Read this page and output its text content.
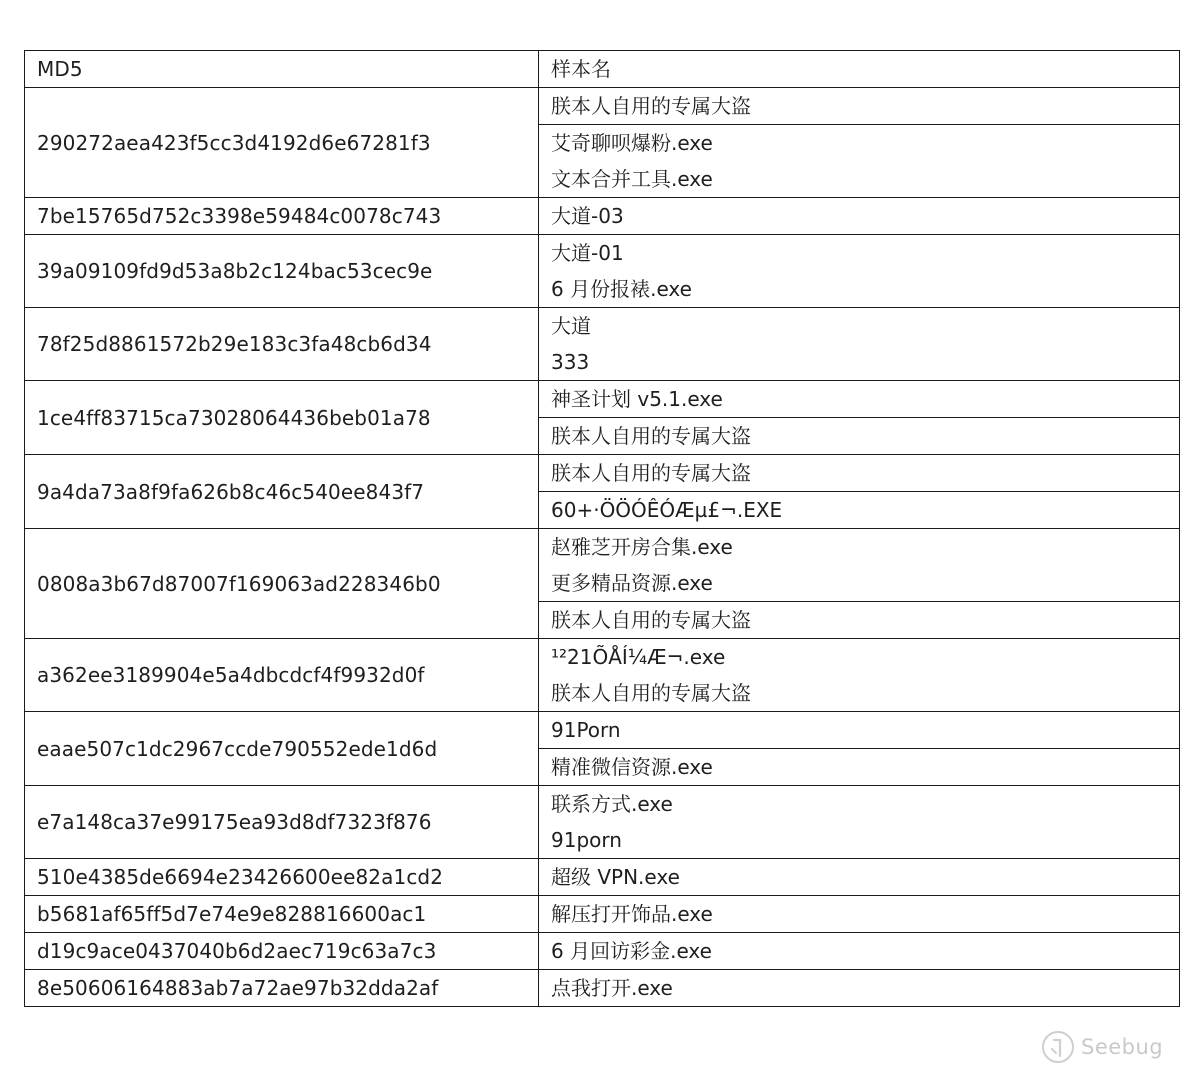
MD5	样本名
290272aea423f5cc3d4192d6e67281f3	朕本人自用的专属大盗
艾奇聊呗爆粉.exe
文本合并工具.exe

7be15765d752c3398e59484c0078c743	大道-03

39a09109fd9d53a8b2c124bac53cec9e	大道-01
6 月份报裱.exe

78f25d8861572b29e183c3fa48cb6d34	大道
333

1ce4ff83715ca73028064436beb01a78	神圣计划 v5.1.exe
朕本人自用的专属大盗

9a4da73a8f9fa626b8c46c540ee843f7	朕本人自用的专属大盗
60+·ÖÖÓÊÓÆµ£¬.EXE

0808a3b67d87007f169063ad228346b0	赵雅芝开房合集.exe
更多精品资源.exe
朕本人自用的专属大盗

a362ee3189904e5a4dbcdcf4f9932d0f	¹²21ÕÅÍ¼Æ¬.exe
朕本人自用的专属大盗

eaae507c1dc2967ccde790552ede1d6d	91Porn
精准微信资源.exe

e7a148ca37e99175ea93d8df7323f876	联系方式.exe
91porn

510e4385de6694e23426600ee82a1cd2	超级 VPN.exe

b5681af65ff5d7e74e9e828816600ac1	解压打开饰品.exe

d19c9ace0437040b6d2aec719c63a7c3	6 月回访彩金.exe

8e50606164883ab7a72ae97b32dda2af	点我打开.exe
Seebug
